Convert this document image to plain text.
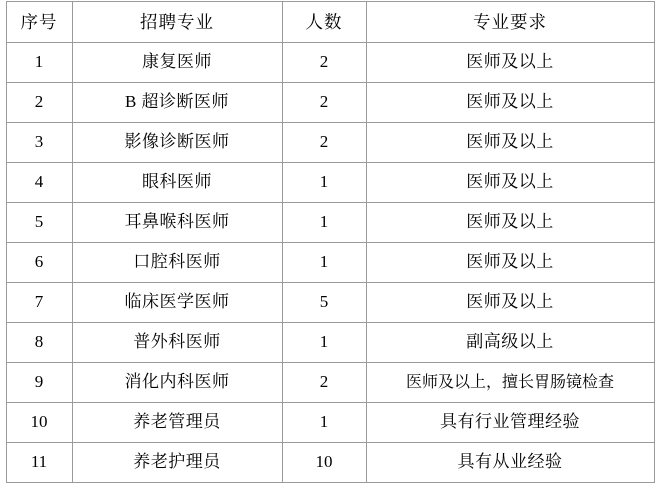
序号	招聘专业	人数	专业要求
1	康复医师	2	医师及以上
2	B 超诊断医师	2	医师及以上
3	影像诊断医师	2	医师及以上
4	眼科医师	1	医师及以上
5	耳鼻喉科医师	1	医师及以上
6	口腔科医师	1	医师及以上
7	临床医学医师	5	医师及以上
8	普外科医师	1	副高级以上
9	消化内科医师	2	医师及以上，擅长胃肠镜检查
10	养老管理员	1	具有行业管理经验
11	养老护理员	10	具有从业经验
